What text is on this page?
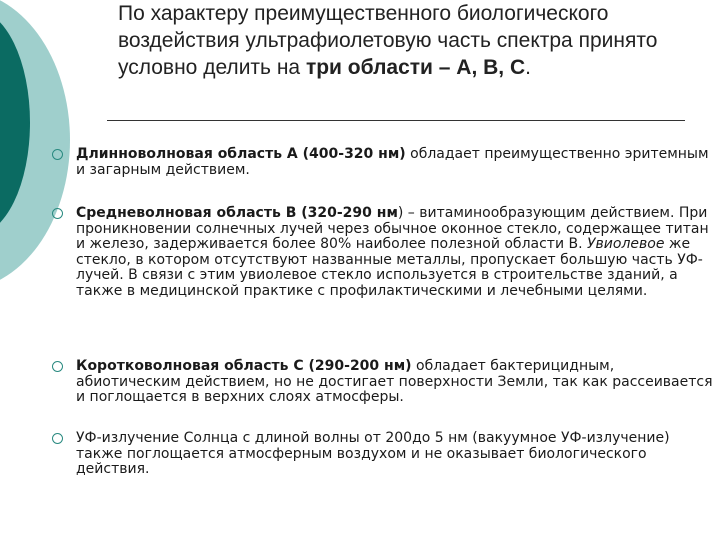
По характеру преимущественного биологического воздействия ультрафиолетовую часть спектра принято условно делить на три области – А, В, С.
Длинноволновая область А (400-320 нм) обладает преимущественно эритемным и загарным действием.
Средневолновая область В (320-290 нм) – витаминообразующим действием. При проникновении солнечных лучей через обычное оконное стекло, содержащее титан и железо, задерживается более 80% наиболее полезной области В. Увиолевое же стекло, в котором отсутствуют названные металлы, пропускает большую часть УФ-лучей. В связи с этим увиолевое стекло используется в строительстве зданий, а также в медицинской практике с профилактическими и лечебными целями.
Коротковолновая область С (290-200 нм) обладает бактерицидным, абиотическим действием, но не достигает поверхности Земли, так как рассеивается и поглощается в верхних слоях атмосферы.
УФ-излучение Солнца с длиной волны от 200до 5 нм (вакуумное УФ-излучение) также поглощается атмосферным воздухом и не оказывает биологического действия.
